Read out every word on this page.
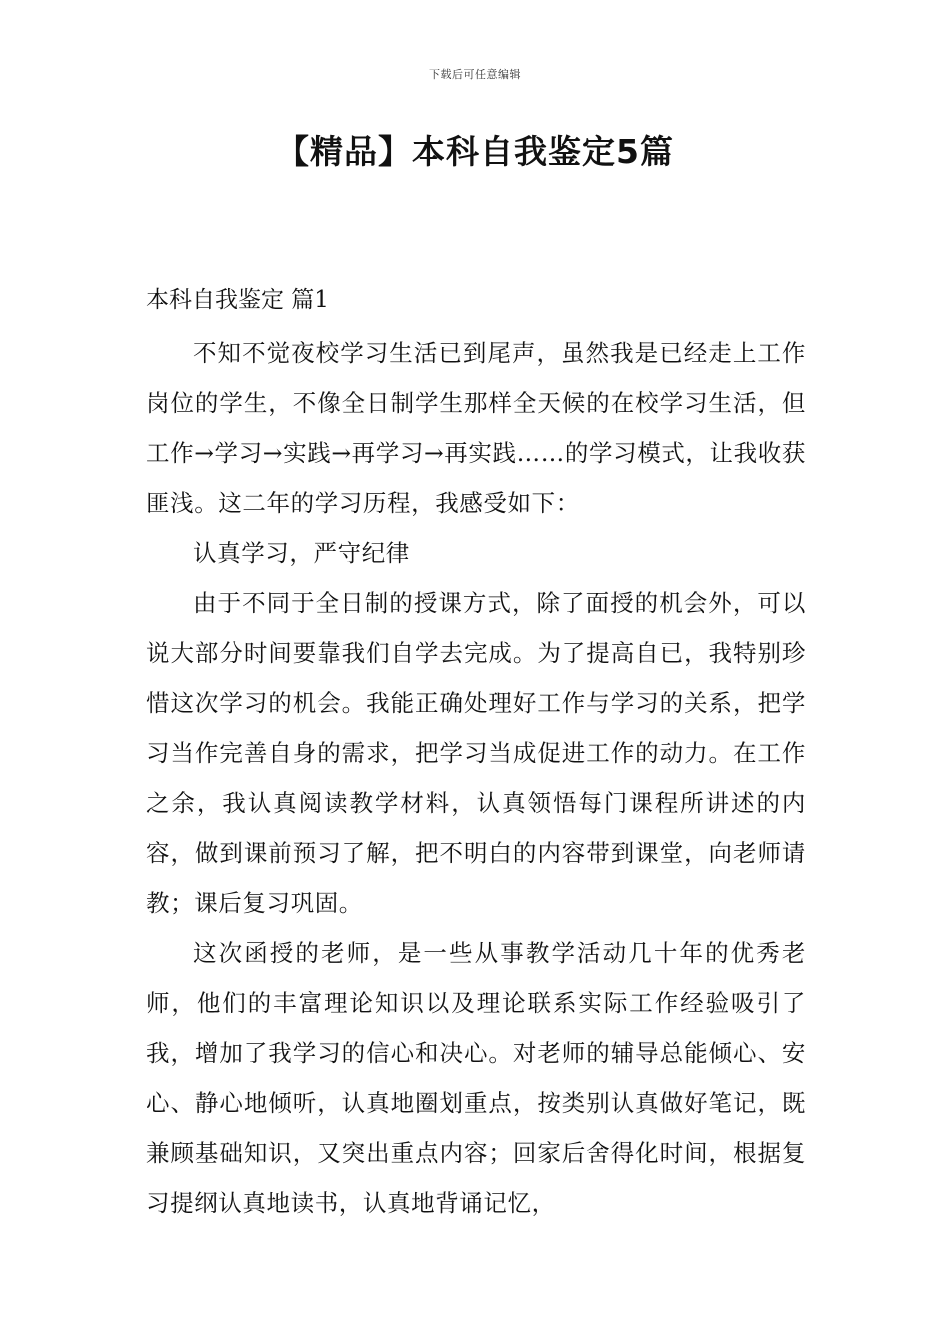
下载后可任意编辑
【精品】本科自我鉴定5篇
本科自我鉴定 篇1

不知不觉夜校学习生活已到尾声，虽然我是已经走上工作岗位的学生，不像全日制学生那样全天候的在校学习生活，但工作→学习→实践→再学习→再实践……的学习模式，让我收获匪浅。这二年的学习历程，我感受如下：

认真学习，严守纪律

由于不同于全日制的授课方式，除了面授的机会外，可以说大部分时间要靠我们自学去完成。为了提高自已，我特别珍惜这次学习的机会。我能正确处理好工作与学习的关系，把学习当作完善自身的需求，把学习当成促进工作的动力。在工作之余，我认真阅读教学材料，认真领悟每门课程所讲述的内容，做到课前预习了解，把不明白的内容带到课堂，向老师请教；课后复习巩固。

这次函授的老师，是一些从事教学活动几十年的优秀老师，他们的丰富理论知识以及理论联系实际工作经验吸引了我，增加了我学习的信心和决心。对老师的辅导总能倾心、安心、静心地倾听，认真地圈划重点，按类别认真做好笔记，既兼顾基础知识，又突出重点内容；回家后舍得化时间，根据复习提纲认真地读书，认真地背诵记忆，
